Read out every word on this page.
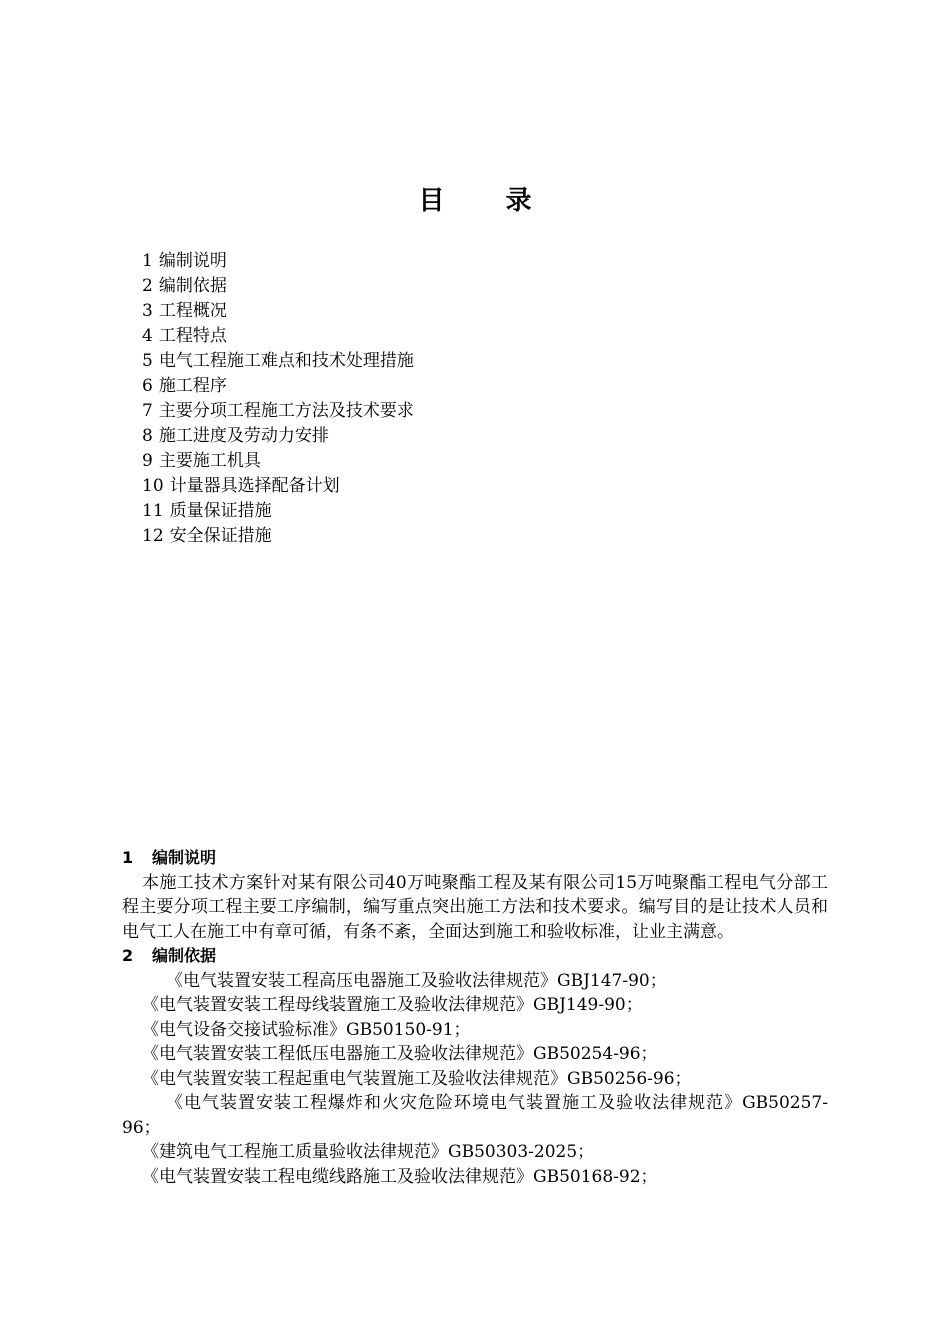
目 录
1 编制说明
2 编制依据
3 工程概况
4 工程特点
5 电气工程施工难点和技术处理措施
6 施工程序
7 主要分项工程施工方法及技术要求
8 施工进度及劳动力安排
9 主要施工机具
10 计量器具选择配备计划
11 质量保证措施
12 安全保证措施
1 编制说明
本施工技术方案针对某有限公司40万吨聚酯工程及某有限公司15万吨聚酯工程电气分部工程主要分项工程主要工序编制，编写重点突出施工方法和技术要求。编写目的是让技术人员和电气工人在施工中有章可循，有条不紊，全面达到施工和验收标准，让业主满意。
2 编制依据
《电气装置安装工程高压电器施工及验收法律规范》GBJ147-90；
《电气装置安装工程母线装置施工及验收法律规范》GBJ149-90；
《电气设备交接试验标准》GB50150-91；
《电气装置安装工程低压电器施工及验收法律规范》GB50254-96；
《电气装置安装工程起重电气装置施工及验收法律规范》GB50256-96；
《电气装置安装工程爆炸和火灾危险环境电气装置施工及验收法律规范》GB50257-96；
《建筑电气工程施工质量验收法律规范》GB50303-2025；
《电气装置安装工程电缆线路施工及验收法律规范》GB50168-92；
